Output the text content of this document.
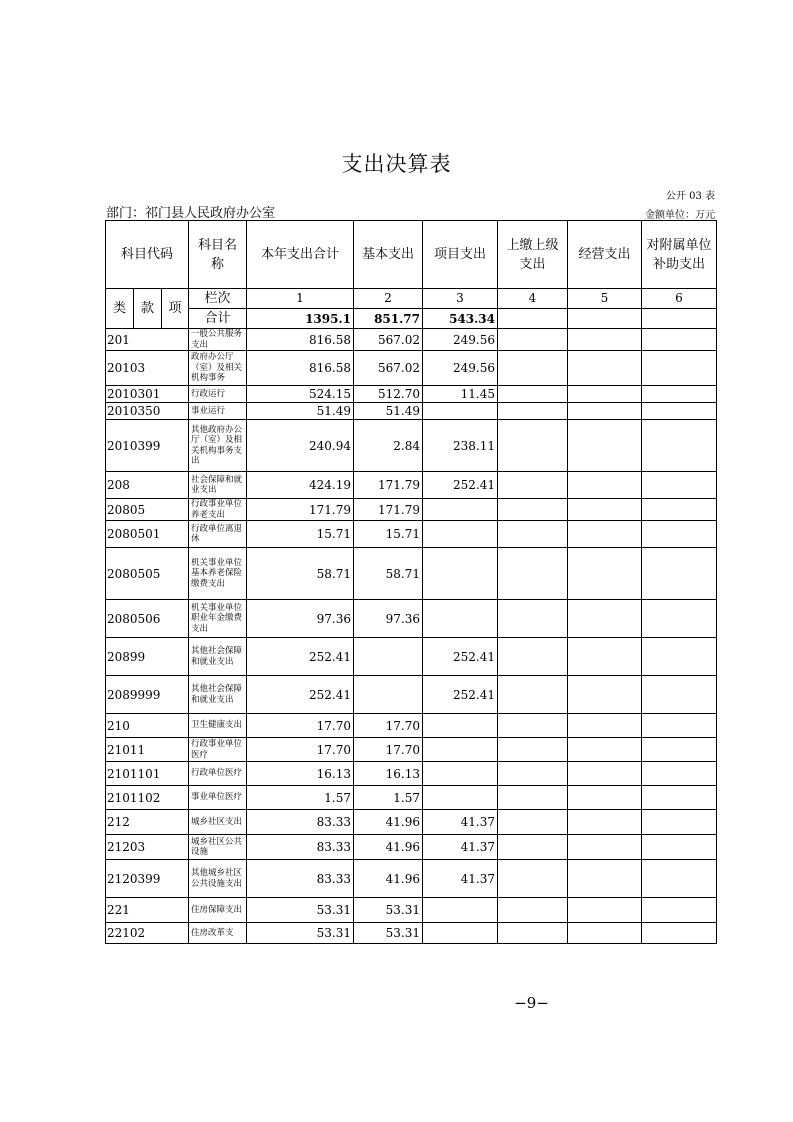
支出决算表
公开 03 表
部门：祁门县人民政府办公室	金额单位：万元
科目代码			科目名称	本年支出合计	基本支出	项目支出	上缴上级支出	经营支出	对附属单位补助支出
类	款	项	栏次	1	2	3	4	5	6
			合计	1395.1	851.77	543.34			
201			一般公共服务支出	816.58	567.02	249.56			
20103			政府办公厅（室）及相关机构事务	816.58	567.02	249.56			
2010301			行政运行	524.15	512.70	11.45			
2010350			事业运行	51.49	51.49				
2010399			其他政府办公厅（室）及相关机构事务支出	240.94	2.84	238.11			
208			社会保障和就业支出	424.19	171.79	252.41			
20805			行政事业单位养老支出	171.79	171.79				
2080501			行政单位离退休	15.71	15.71				
2080505			机关事业单位基本养老保险缴费支出	58.71	58.71				
2080506			机关事业单位职业年金缴费支出	97.36	97.36				
20899			其他社会保障和就业支出	252.41		252.41			
2089999			其他社会保障和就业支出	252.41		252.41			
210			卫生健康支出	17.70	17.70				
21011			行政事业单位医疗	17.70	17.70				
2101101			行政单位医疗	16.13	16.13				
2101102			事业单位医疗	1.57	1.57				
212			城乡社区支出	83.33	41.96	41.37			
21203			城乡社区公共设施	83.33	41.96	41.37			
2120399			其他城乡社区公共设施支出	83.33	41.96	41.37			
221			住房保障支出	53.31	53.31				
22102			住房改革支	53.31	53.31				
−9−
